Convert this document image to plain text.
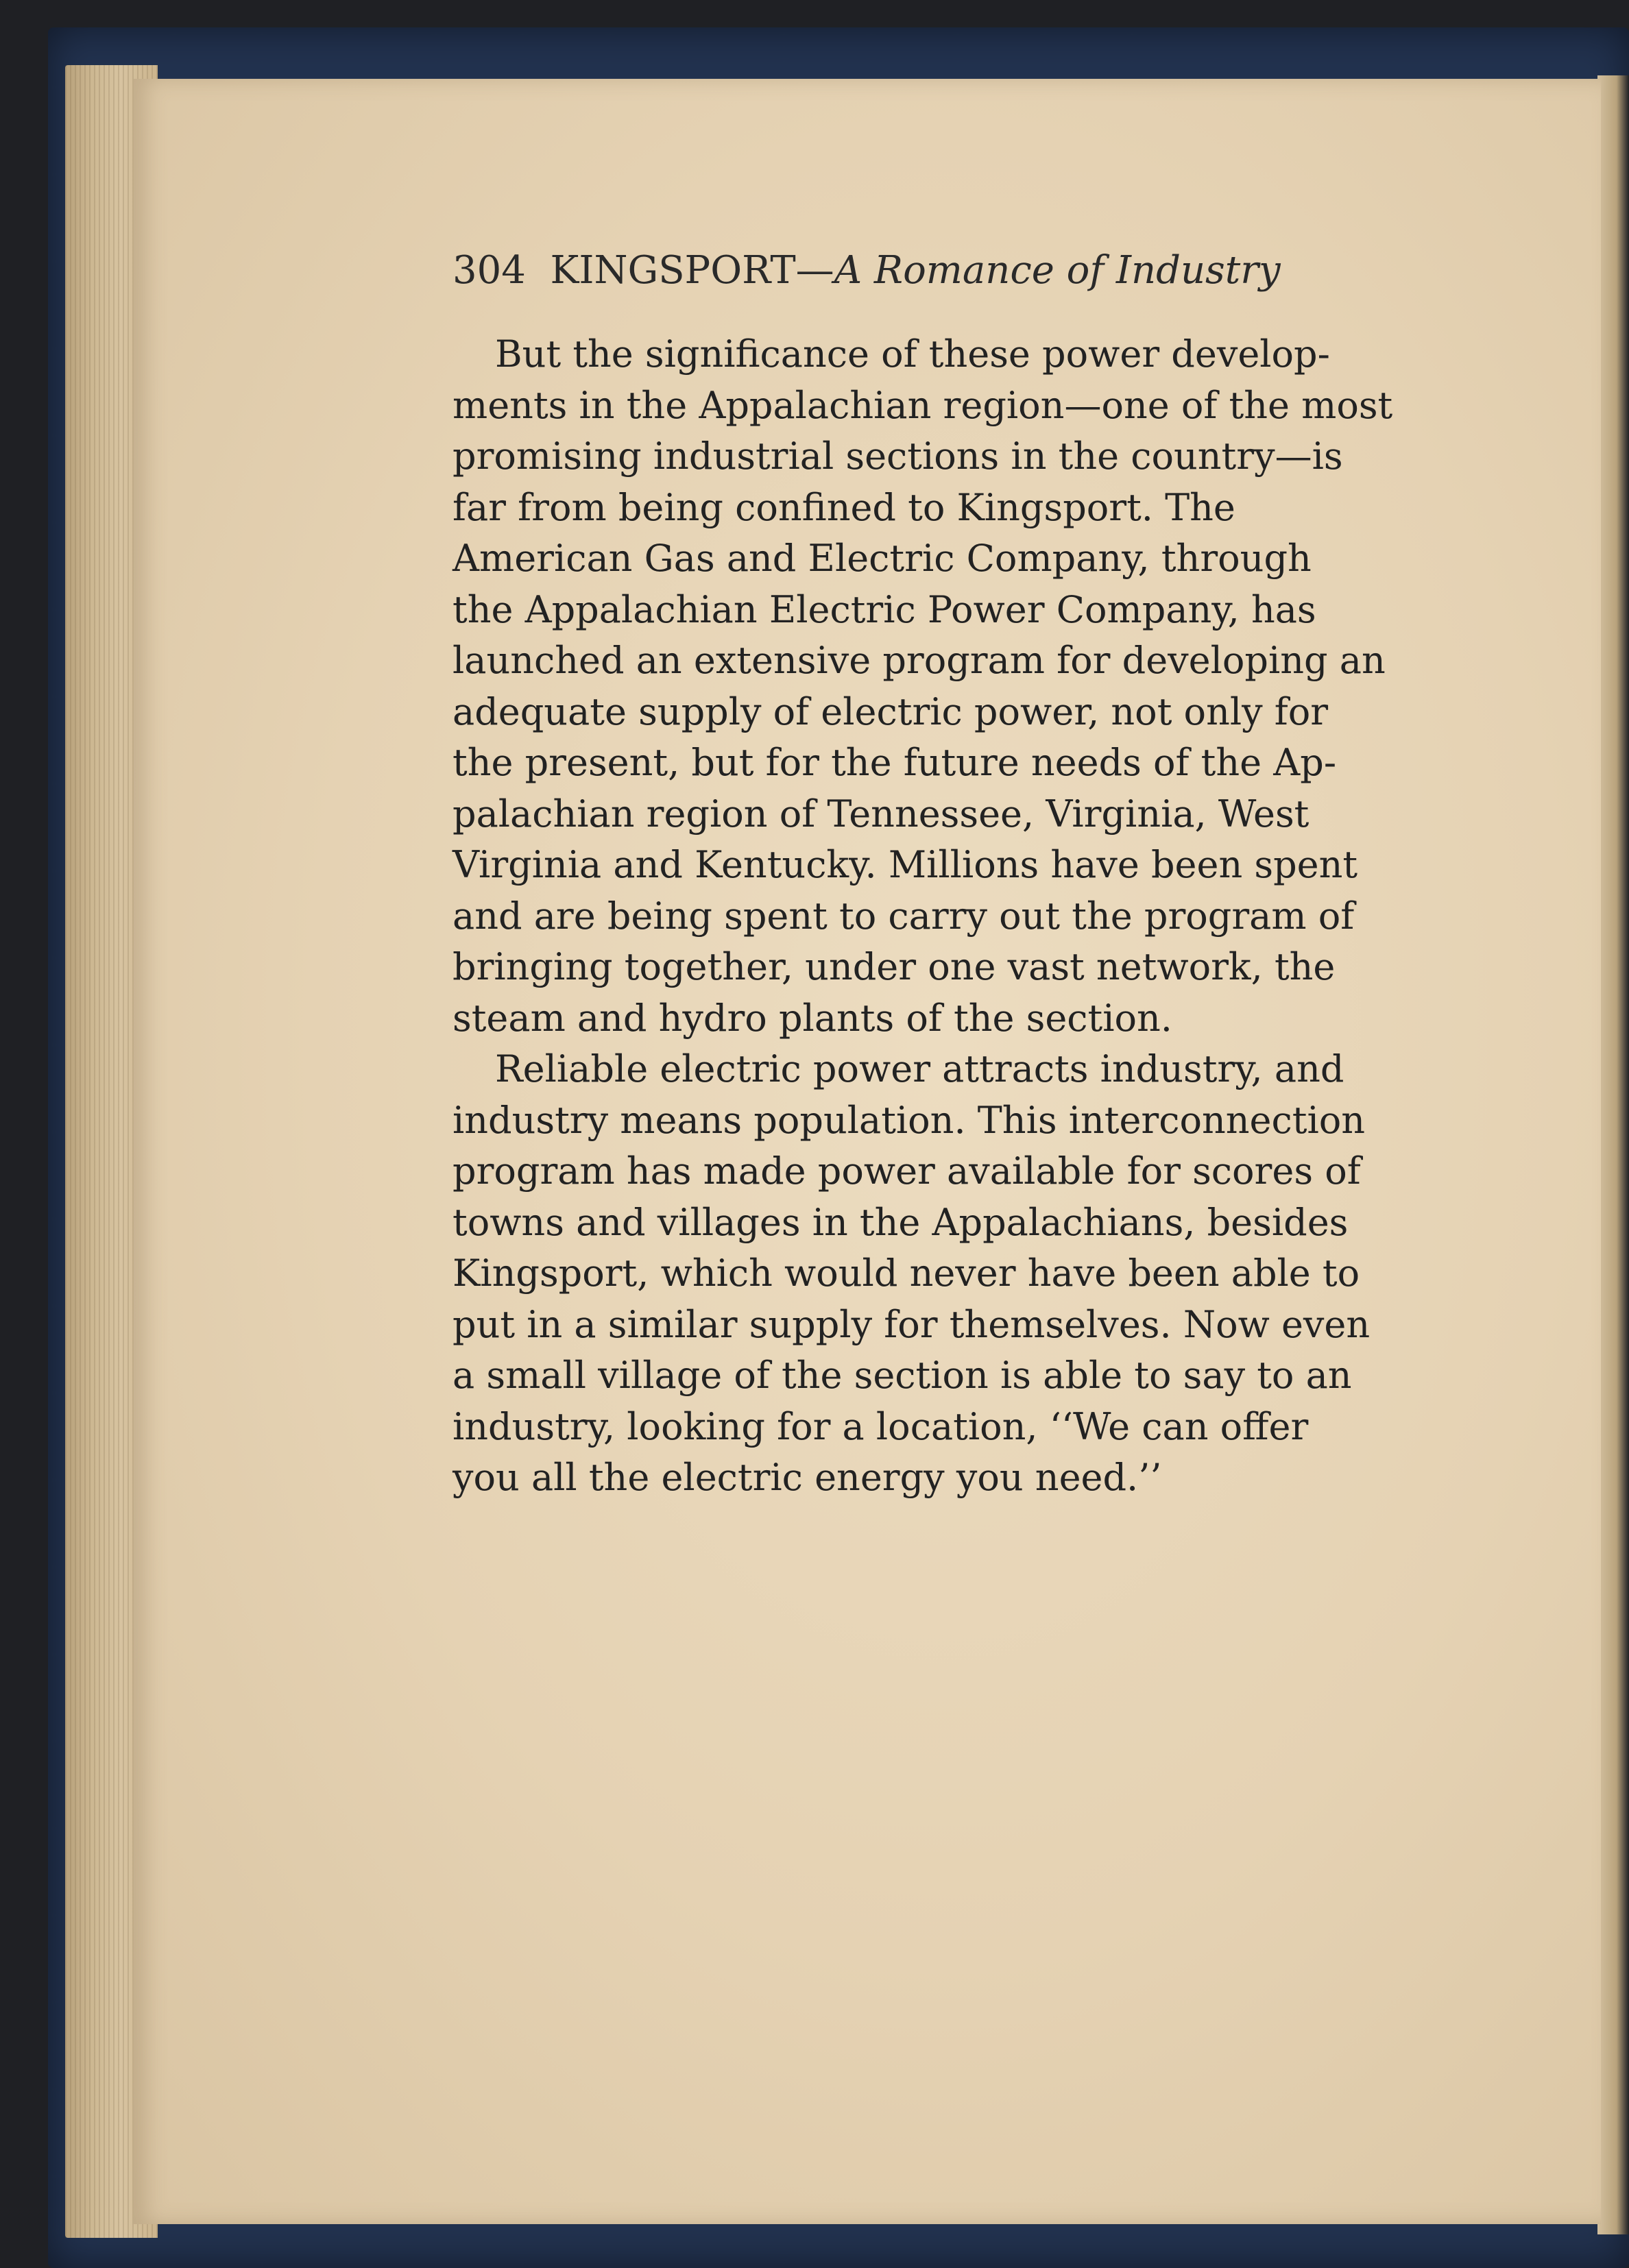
304 KINGSPORT—A Romance of Industry

But the significance of these power develop-
ments in the Appalachian region—one of the most
promising industrial sections in the country—is
far from being confined to Kingsport. The
American Gas and Electric Company, through
the Appalachian Electric Power Company, has
launched an extensive program for developing an
adequate supply of electric power, not only for
the present, but for the future needs of the Ap-
palachian region of Tennessee, Virginia, West
Virginia and Kentucky. Millions have been spent
and are being spent to carry out the program of
bringing together, under one vast network, the
steam and hydro plants of the section.

Reliable electric power attracts industry, and
industry means population. This interconnection
program has made power available for scores of
towns and villages in the Appalachians, besides
Kingsport, which would never have been able to
put in a similar supply for themselves. Now even
a small village of the section is able to say to an
industry, looking for a location, ‘‘We can offer
you all the electric energy you need.’’
